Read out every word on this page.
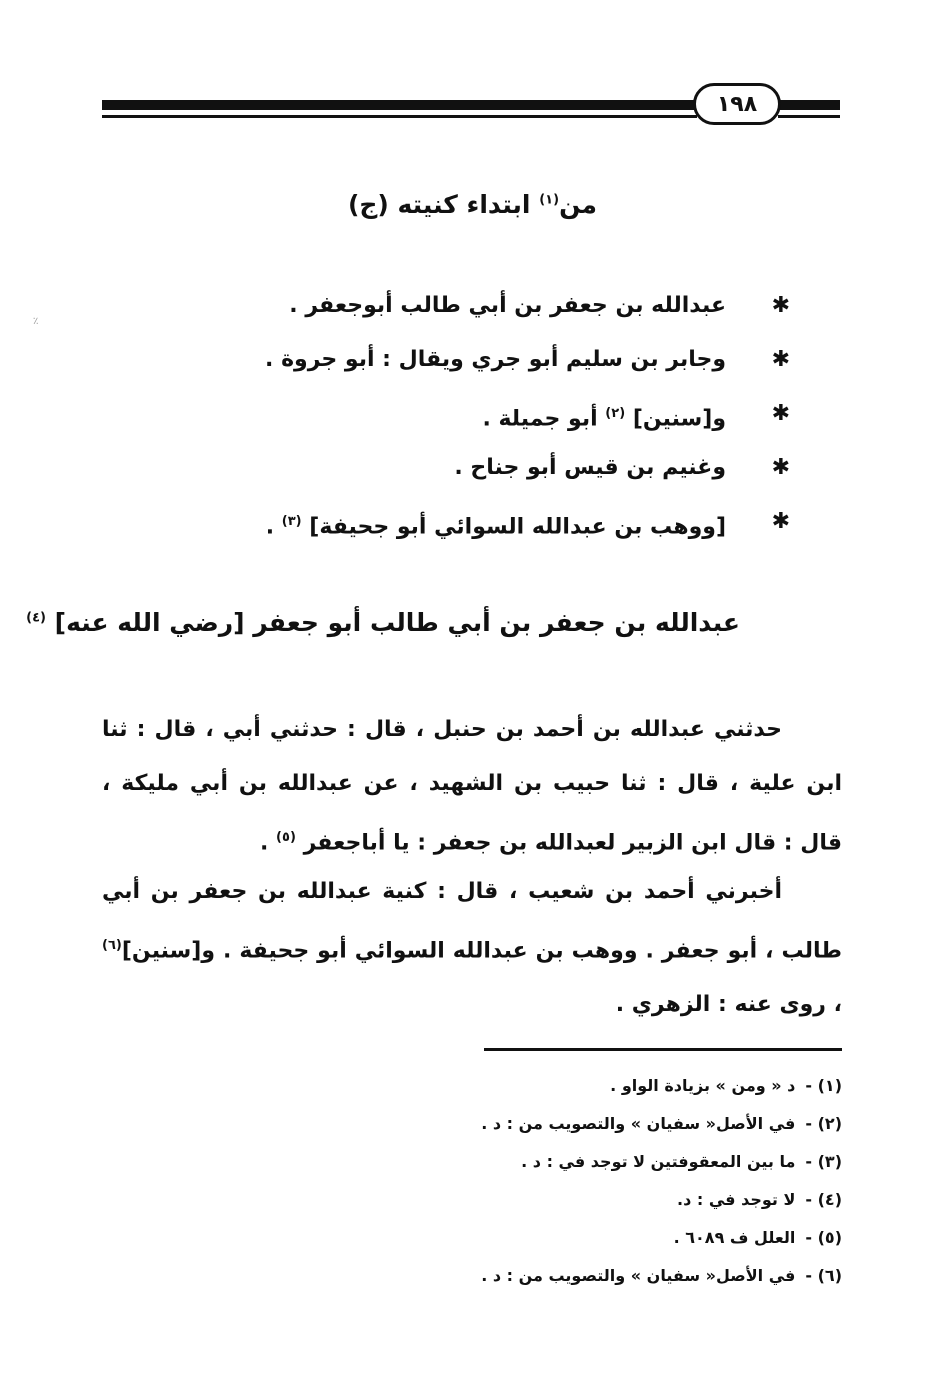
١٩٨
٪
من$^{(١)}$ ابتداء كنيته (ج)
✱
عبدالله بن جعفر بن أبي طالب أبوجعفر .
✱
وجابر بن سليم أبو جري ويقال : أبو جروة .
✱
و[سنين] $^{(٢)}$ أبو جميلة .
✱
وغنيم بن قيس أبو جناح .
✱
[ووهب بن عبدالله السوائي أبو جحيفة] $^{(٣)}$ .
عبدالله بن جعفر بن أبي طالب أبو جعفر [رضي الله عنه] $^{(٤)}$
حدثني عبدالله بن أحمد بن حنبل ، قال : حدثني أبي ، قال : ثنا ابن علية ، قال : ثنا حبيب بن الشهيد ، عن عبدالله بن أبي مليكة ، قال : قال ابن الزبير لعبدالله بن جعفر : يا أباجعفر $^{(٥)}$ .
أخبرني أحمد بن شعيب ، قال : كنية عبدالله بن جعفر بن أبي طالب ، أبو جعفر . ووهب بن عبدالله السوائي أبو جحيفة . و[سنين]$^{(٦)}$ ، روى عنه : الزهري .
(١) -د « ومن » بزيادة الواو .
(٢) -في الأصل« سفيان » والتصويب من : د .
(٣) -ما بين المعقوفتين لا توجد في : د .
(٤) -لا توجد في : د.
(٥) -العلل ف ٦٠٨٩ .
(٦) -في الأصل« سفيان » والتصويب من : د .
